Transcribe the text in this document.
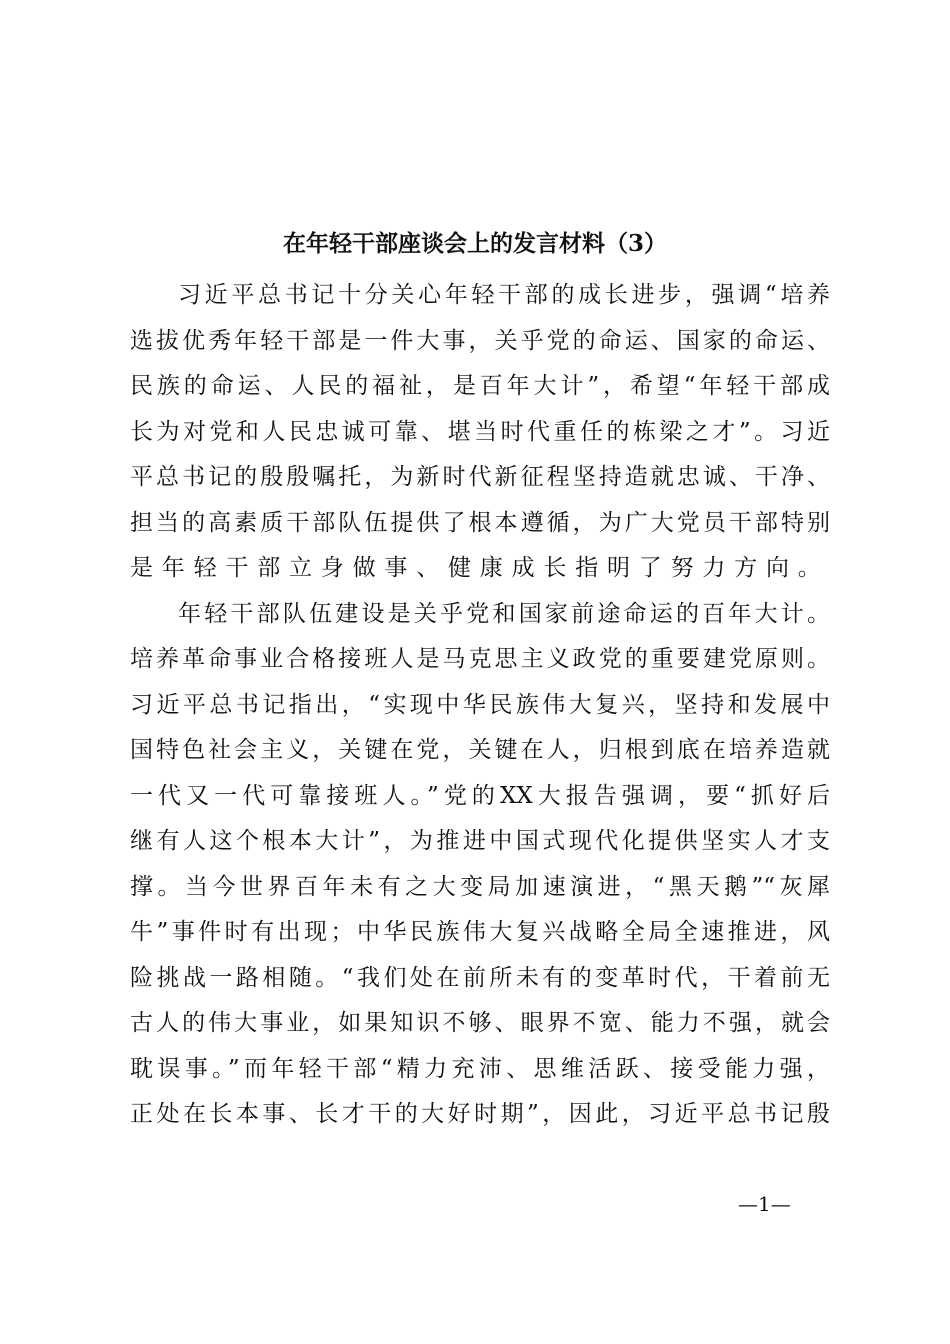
在年轻干部座谈会上的发言材料（3）
习近平总书记十分关心年轻干部的成长进步，强调“培养
选拔优秀年轻干部是一件大事，关乎党的命运、国家的命运、
民族的命运、人民的福祉，是百年大计”，希望“年轻干部成
长为对党和人民忠诚可靠、堪当时代重任的栋梁之才”。习近
平总书记的殷殷嘱托，为新时代新征程坚持造就忠诚、干净、
担当的高素质干部队伍提供了根本遵循，为广大党员干部特别
是年轻干部立身做事、健康成长指明了努力方向。
年轻干部队伍建设是关乎党和国家前途命运的百年大计。
培养革命事业合格接班人是马克思主义政党的重要建党原则。
习近平总书记指出，“实现中华民族伟大复兴，坚持和发展中
国特色社会主义，关键在党，关键在人，归根到底在培养造就
一代又一代可靠接班人。”党的XX大报告强调，要“抓好后
继有人这个根本大计”，为推进中国式现代化提供坚实人才支
撑。当今世界百年未有之大变局加速演进，“黑天鹅”“灰犀
牛”事件时有出现；中华民族伟大复兴战略全局全速推进，风
险挑战一路相随。“我们处在前所未有的变革时代，干着前无
古人的伟大事业，如果知识不够、眼界不宽、能力不强，就会
耽误事。”而年轻干部“精力充沛、思维活跃、接受能力强，
正处在长本事、长才干的大好时期”，因此，习近平总书记殷
—1—
